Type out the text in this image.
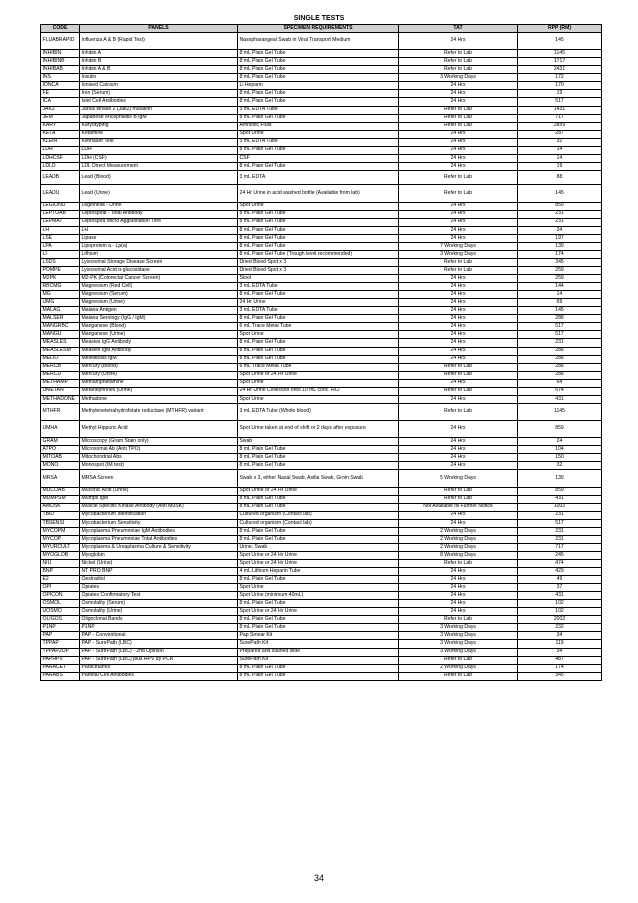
SINGLE TESTS
CODE	PANELS	SPECIMEN REQUIREMENTS	TAT	RPP (RM)
FLUABRAPID	Influenza A & B (Rapid Test)	Nasopharangeal Swab in Viral Transport Medium	24 Hrs	145
INHIBIN	Inhibin A	8 mL Plain Gel Tube	Refer to Lab	1145
INHIBINB	Inhibin B	8 mL Plain Gel Tube	Refer to Lab	1717
INHIBAB	Inhibin A & B	8 mL Plain Gel Tube	Refer to Lab	2431
INS	Insulin	8 mL Plain Gel Tube	3 Working Days	172
IONCA	Ionised Calcium	Li Heparin	24 Hrs	170
FE	Iron (Serum)	8 mL Plain Gel Tube	24 Hrs	19
ICA	Islet Cell Antibodies	8 mL Plain Gel Tube	24 Hrs	517
JAK2	Janus kinase 2 (Jak2) mutation	3 mL EDTA Tube	Refer to Lab	1431
JEM	Japanese encephalitis B IgM	8 mL Plain Gel Tube	Refer to Lab	717
KARY	Karyotyping	Amniotic Fluid	Refer to Lab	2859
KETA	Ketamine	Spot Urine	24 Hrs	287
KLEIH	Kleihauer Test	3 mL EDTA Tube	24 Hrs	32
LDH	LDH	8 mL Plain Gel Tube	24 Hrs	14
LDHCSF	LDH (CSF)	CSF	24 Hrs	14
LDLD	LDL Direct Measurement	8 mL Plain Gel Tube	24 Hrs	19
LEADB	Lead (Blood)	3 mL EDTA	Refer to Lab	88
LEADU	Lead (Urine)	24 Hr Urine in acid washed bottle (Available from lab)	Refer to Lab	145
LEGIONU	Legionella - Urine	Spot Urine	24 Hrs	859
LEPTOAB	Leptospiral - Total Antibody	8 mL Plain Gel Tube	24 Hrs	231
LEPMAT	Leptospira Micro Agglutination Titre	8 mL Plain Gel Tube	24 Hrs	231
LH	LH	8 mL Plain Gel Tube	24 Hrs	34
LSE	Lipase	8 mL Plain Gel Tube	24 Hrs	197
LPA	Lipoprotein a - Lp(a)	8 mL Plain Gel Tube	7 Working Days	139
LI	Lithium	8 mL Plain Gel Tube (Trough level recommended)	3 Working Days	174
LSDS	Lysosomal Storage Disease Screen	Dried Blood Spot x 3	Refer to Lab	345
POMPE	Lysosomal Acid α-glucosidase	Dried Blood Spot x 3	Refer to Lab	259
M2PK	M2-PK (Colorectal Cancer Screen)	Stool	24 Hrs	259
RBCMG	Magnesium (Red Cell)	3 mL EDTA Tube	24 Hrs	144
MG	Magnesium (Serum)	8 mL Plain Gel Tube	24 Hrs	14
UMG	Magnesium (Urine)	24 Hr Urine	24 Hrs	69
MALAG	Malaria Antigen	3 mL EDTA Tube	24 Hrs	145
MALSER	Malaria Serology (IgG / IgM)	8 mL Plain Gel Tube	24 Hrs	288
MANGRBC	Manganese (Blood)	6 mL Trace Metal Tube	24 Hrs	517
MANGU	Manganese (Urine)	Spot Urine	24 Hrs	517
MEASLES	Measles IgG Antibody	8 mL Plain Gel Tube	24 Hrs	231
MEASLESM	Measles IgM Antibody	8 mL Plain Gel Tube	24 Hrs	288
MELIO	Melioidosis IgM	8 mL Plain Gel Tube	24 Hrs	288
MERCB	Mercury (Blood)	6 mL Trace Metal Tube	Refer to Lab	288
MERCU	Mercury (Urine)	Spot Urine or 24 Hr Urine	Refer to Lab	288
METHAMP	Methamphetamine	Spot Urine	24 Hrs	64
UMETAN	Metanephrines (Urine)	24 Hr Urine Collection onto 10 mL conc. HCl	Refer to Lab	574
METHADONE	Methadone	Spot Urine	24 Hrs	431
MTHFR	Methylenetetrahydrofolate reductase (MTHFR) variant	3 mL EDTA Tube (Whole blood)	Refer to Lab	1145
UMHA	Methyl Hippuric Acid	Spot Urine taken at end of shift or 2 days after exposure	24 Hrs	859
GRAM	Microscopy (Gram Stain only)	Swab	24 Hrs	24
ATPO	Microsomal Ab (Anti TPO)	8 mL Plain Gel Tube	24 Hrs	104
MITOAB	Mitochondrial Abs	8 mL Plain Gel Tube	24 Hrs	150
MONO	Monospot (IM test)	8 mL Plain Gel Tube	24 Hrs	32
MRSA	MRSA Screen	Swab x 3, either Nasal Swab, Axilla Swab, Groin Swab	5 Working Days	139
MUCOAB	Muconic Acid (Urine)	Spot Urine or 24 Hr Urine	Refer to Lab	859
MUMPSM	Mumps IgM	8 mL Plain Gel Tube	Refer to Lab	431
AMUSK	Muscle Specific Kinase Antibody (Anti MuSK)	8 mL Plain Gel Tube	Not Available till Further Notice	1002
TBID	Mycobacterium Identification	Cultured organism (Contact lab)	24 Hrs	231
TBSENSI	Mycobacterium Sensitivity	Cultured organism (Contact lab)	24 Hrs	517
MYCOPM	Mycoplasma Pneumoniae IgM Antibodies	8 mL Plain Gel Tube	2 Working Days	231
MYCOP	Mycoplasma Pneumoniae Total Antibodies	8 mL Plain Gel Tube	2 Working Days	231
MYURCULT	Mycoplasma & Ureaplasma Culture & Sensitivity	Urine, Swab	2 Working Days	717
MYOGLOB	Myoglobin	Spot Urine or 24 Hr Urine	8 Working Days	245
NIU	Nickel (Urine)	Spot Urine or 24 Hr Urine	Refer to Lab	474
BNP	NT PRO BNP	4 mL Lithium Heparin Tube	24 Hrs	429
E2	Oestradiol	8 mL Plain Gel Tube	24 Hrs	49
OPI	Opiates	Spot Urine	24 Hrs	37
OPICON	Opiates Confirmatory Test	Spot Urine (minimum 40mL)	24 Hrs	431
OSMOL	Osmolality (Serum)	8 mL Plain Gel Tube	24 Hrs	102
UOSMO	Osmolality (Urine)	Spot Urine or 24 Hr Urine	24 Hrs	102
OLIGOS	Oligoclonal Bands	8 mL Plain Gel Tube	Refer to Lab	2002
P1NP	P1NP	8 mL Plain Gel Tube	3 Working Days	232
PAP	PAP - Conventional	Pap Smear Kit	3 Working Days	34
TPPAP	PAP - SurePath (LBC)	SurePath Kit	3 Working Days	119
TPPAP2OP	PAP - SurePath (LBC) - 2nd Opinion	Prepared and stained slide	3 Working Days	34
PAPHPV	PAP - SurePath (LBC) plus HPV by PCR	SurePath Kit	Refer to Lab	487
PARACET	Paracetamol	8 mL Plain Gel Tube	2 Working Days	174
PARABS	Parietal Cell Antibodies	8 mL Plain Gel Tube	Refer to Lab	345
34
